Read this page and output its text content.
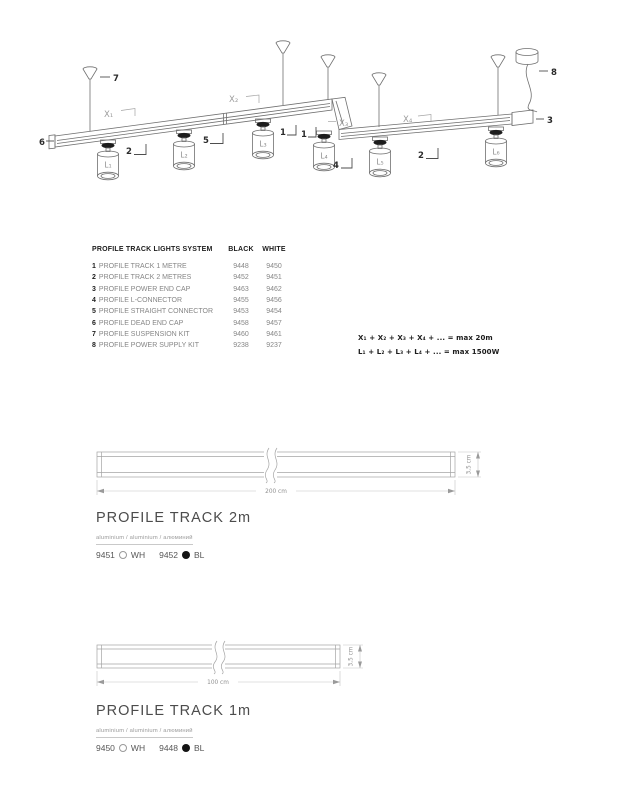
L₁
L₂
L₃
L₄
L₅
L₆
7
8
3
6
2
5
1 1
4
2
X₁
X₂
X₃	X₄
200 cm
3,5 cm
100 cm
3,5 cm
PROFILE TRACK LIGHTS SYSTEM	BLACK	WHITE
1 PROFILE TRACK 1 METRE	9448	9450
2 PROFILE TRACK 2 METRES	9452	9451
3 PROFILE POWER END CAP	9463	9462
4 PROFILE L-CONNECTOR	9455	9456
5 PROFILE STRAIGHT CONNECTOR	9453	9454
6 PROFILE DEAD END CAP	9458	9457
7 PROFILE SUSPENSION KIT	9460	9461
8 PROFILE POWER SUPPLY KIT	9238	9237
X₁ + X₂ + X₃ + X₄ + ... = max 20m
L₁ + L₂ + L₃ + L₄ + ... = max 1500W
PROFILE TRACK 2m
aluminium / aluminium / алюминий
9451 WH 9452 BL
PROFILE TRACK 1m
aluminium / aluminium / алюминий
9450 WH 9448 BL
